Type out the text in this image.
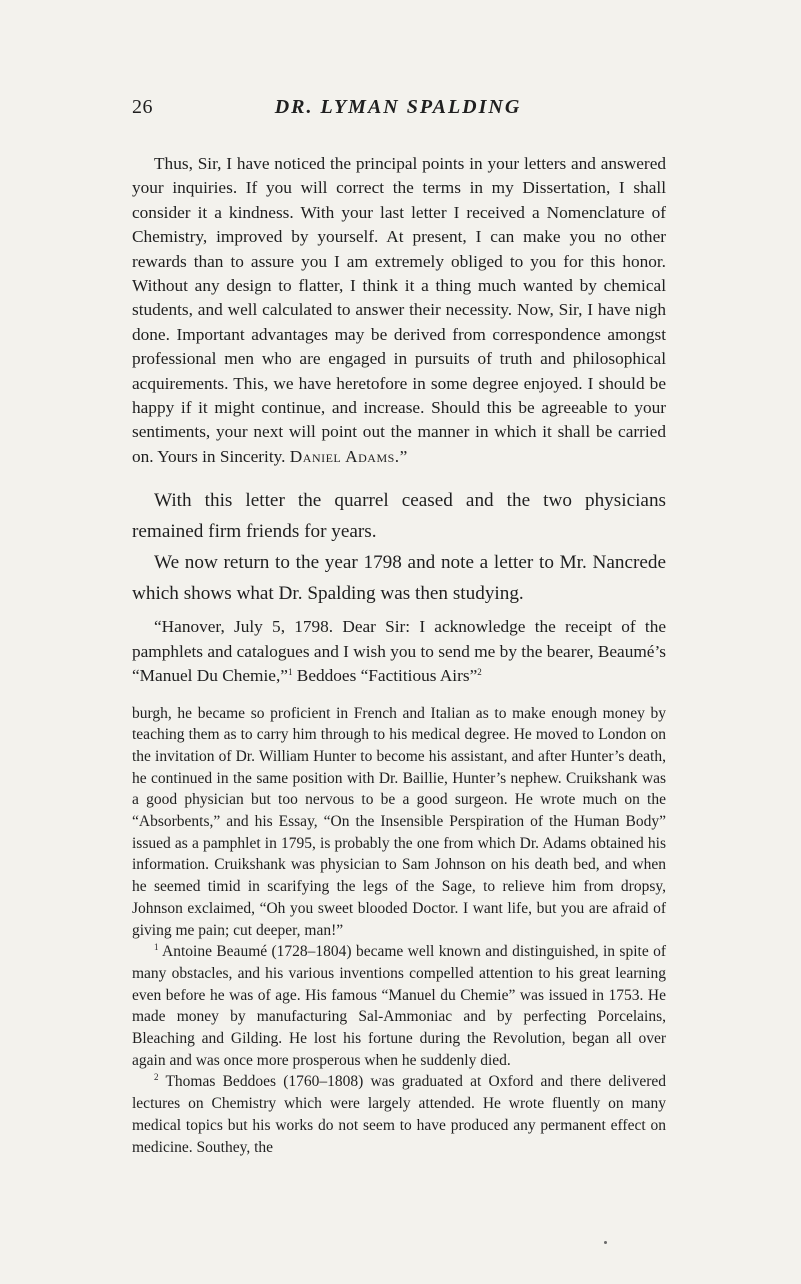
26	DR. LYMAN SPALDING

Thus, Sir, I have noticed the principal points in your letters and answered your inquiries. If you will correct the terms in my Dissertation, I shall consider it a kindness. With your last letter I received a Nomenclature of Chemistry, improved by yourself. At present, I can make you no other rewards than to assure you I am extremely obliged to you for this honor. Without any design to flatter, I think it a thing much wanted by chemical students, and well calculated to answer their necessity. Now, Sir, I have nigh done. Important advantages may be derived from correspondence amongst professional men who are engaged in pursuits of truth and philosophical acquirements. This, we have heretofore in some degree enjoyed. I should be happy if it might continue, and increase. Should this be agreeable to your sentiments, your next will point out the manner in which it shall be carried on. Yours in Sincerity. Daniel Adams.”

With this letter the quarrel ceased and the two physicians remained firm friends for years.

We now return to the year 1798 and note a letter to Mr. Nancrede which shows what Dr. Spalding was then studying.

“Hanover, July 5, 1798. Dear Sir: I acknowledge the receipt of the pamphlets and catalogues and I wish you to send me by the bearer, Beaumé’s “Manuel Du Chemie,”$^1$ Beddoes “Factitious Airs”$^2$

burgh, he became so proficient in French and Italian as to make enough money by teaching them as to carry him through to his medical degree. He moved to London on the invitation of Dr. William Hunter to become his assistant, and after Hunter’s death, he continued in the same position with Dr. Baillie, Hunter’s nephew. Cruikshank was a good physician but too nervous to be a good surgeon. He wrote much on the “Absorbents,” and his Essay, “On the Insensible Perspiration of the Human Body” issued as a pamphlet in 1795, is probably the one from which Dr. Adams obtained his information. Cruikshank was physician to Sam Johnson on his death bed, and when he seemed timid in scarifying the legs of the Sage, to relieve him from dropsy, Johnson exclaimed, “Oh you sweet blooded Doctor. I want life, but you are afraid of giving me pain; cut deeper, man!”

$^1$ Antoine Beaumé (1728–1804) became well known and distinguished, in spite of many obstacles, and his various inventions compelled attention to his great learning even before he was of age. His famous “Manuel du Chemie” was issued in 1753. He made money by manufacturing Sal-Ammoniac and by perfecting Porcelains, Bleaching and Gilding. He lost his fortune during the Revolution, began all over again and was once more prosperous when he suddenly died.

$^2$ Thomas Beddoes (1760–1808) was graduated at Oxford and there delivered lectures on Chemistry which were largely attended. He wrote fluently on many medical topics but his works do not seem to have produced any permanent effect on medicine. Southey, the
